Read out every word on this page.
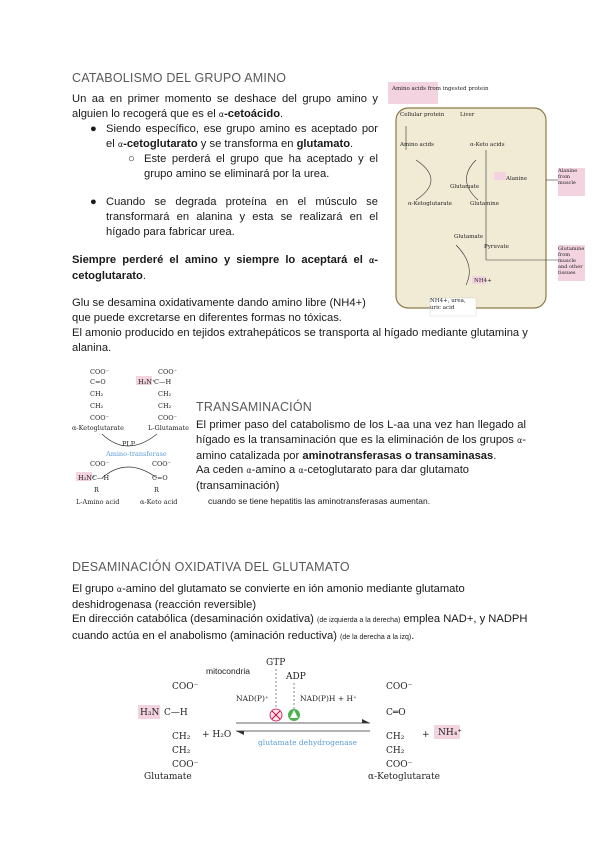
CATABOLISMO DEL GRUPO AMINO
Un aa en primer momento se deshace del grupo amino y alguien lo recogerá que es el ⍺-cetoácido.
● Siendo específico, ese grupo amino es aceptado por el ⍺-cetoglutarato y se transforma en glutamato.
○ Este perderá el grupo que ha aceptado y el grupo amino se eliminará por la urea.
● Cuando se degrada proteína en el músculo se transformará en alanina y esta se realizará en el hígado para fabricar urea.
Siempre perderé el amino y siempre lo aceptará el ⍺-cetoglutarato.
Glu se desamina oxidativamente dando amino libre (NH4+) que puede excretarse en diferentes formas no tóxicas.
El amonio producido en tejidos extrahepáticos se transporta al hígado mediante glutamina y alanina.
Amino acids from ingested protein
Cellular protein	Liver
Amino acids	α-Keto acids
Glutamate
α-Ketoglutarate	Glutamine
Alanine
Pyruvate
Glutamate
NH4+
Alanine from muscle
Glutamine from muscle and other tissues
NH4+, urea, uric acid
COO⁻
C=O
CH₂
CH₂
COO⁻
α-Ketoglutarate
H₃N⁺
C—H
COO⁻
CH₂
CH₂
COO⁻
L-Glutamate
PLP
Amino-transferase
COO⁻
H₃N⁺
C—H
R
L-Amino acid
COO⁻
C=O
R
α-Keto acid
TRANSAMINACIÓN
El primer paso del catabolismo de los L-aa una vez han llegado al hígado es la transaminación que es la eliminación de los grupos ⍺-amino catalizada por aminotransferasas o transaminasas.
Aa ceden ⍺-amino a ⍺-cetoglutarato para dar glutamato (transaminación)
cuando se tiene hepatitis las aminotransferasas aumentan.
DESAMINACIÓN OXIDATIVA DEL GLUTAMATO
El grupo ⍺-amino del glutamato se convierte en ión amonio mediante glutamato deshidrogenasa (reacción reversible)
En dirección catabólica (desaminación oxidativa) (de izquierda a la derecha) emplea NAD+, y NADPH cuando actúa en el anabolismo (aminación reductiva) (de la derecha a la izq).
mitocondria
GTP
ADP
COO⁻
H₃N C—H
CH₂
CH₂
COO⁻
Glutamate
+ H₂O
NAD(P)⁺	NAD(P)H + H⁺
glutamate dehydrogenase
COO⁻
C═O
CH₂
CH₂
COO⁻
α-Ketoglutarate
+ NH₄⁺
